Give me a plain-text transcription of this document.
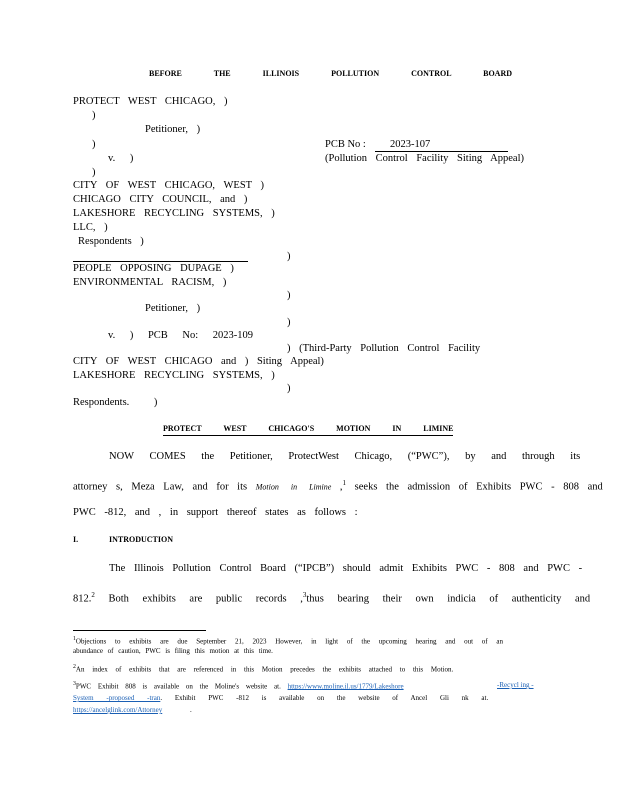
BEFORE THE ILLINOIS POLLUTION CONTROL BOARD
PROTECT WEST CHICAGO, )
)
Petitioner, )
)	PCB No : 2023-107
v. )	(Pollution Control Facility Siting Appeal)
)
CITY OF WEST CHICAGO, WEST )
CHICAGO CITY COUNCIL, and )
LAKESHORE RECYCLING SYSTEMS, )
LLC, )
Respondents )
)
PEOPLE OPPOSING DUPAGE )
ENVIRONMENTAL RACISM, )
)
Petitioner, )
)
v. ) PCB No: 2023-109
) (Third-Party Pollution Control Facility
CITY OF WEST CHICAGO and ) Siting Appeal)
LAKESHORE RECYCLING SYSTEMS, )
)
Respondents. )
PROTECT WEST CHICAGO'S MOTION IN LIMINE
NOW COMES the Petitioner, ProtectWest Chicago, (“PWC”), by and through its
attorney s, Meza Law, and for its Motion in Limine ,$^1$ seeks the admission of Exhibits PWC - 808 and
PWC -812, and , in support thereof states as follows :
I.	INTRODUCTION
The Illinois Pollution Control Board (“IPCB”) should admit Exhibits PWC - 808 and PWC -
812.$^2$ Both exhibits are public records ,$^3$thus bearing their own indicia of authenticity and
$^1$Objections to exhibits are due September 21, 2023 However, in light of the upcoming hearing and out of an
abundance of caution, PWC is filing this motion at this time.
$^2$An index of exhibits that are referenced in this Motion precedes the exhibits attached to this Motion.
$^3$PWC Exhibit 808 is available on the Moline's website at. https://www.moline.il.us/1779/Lakeshore	-Recycl ing -
System -proposed -tran. Exhibit PWC -812 is available on the website of Ancel Gli nk at.
https://ancelglink.com/Attorney	.
